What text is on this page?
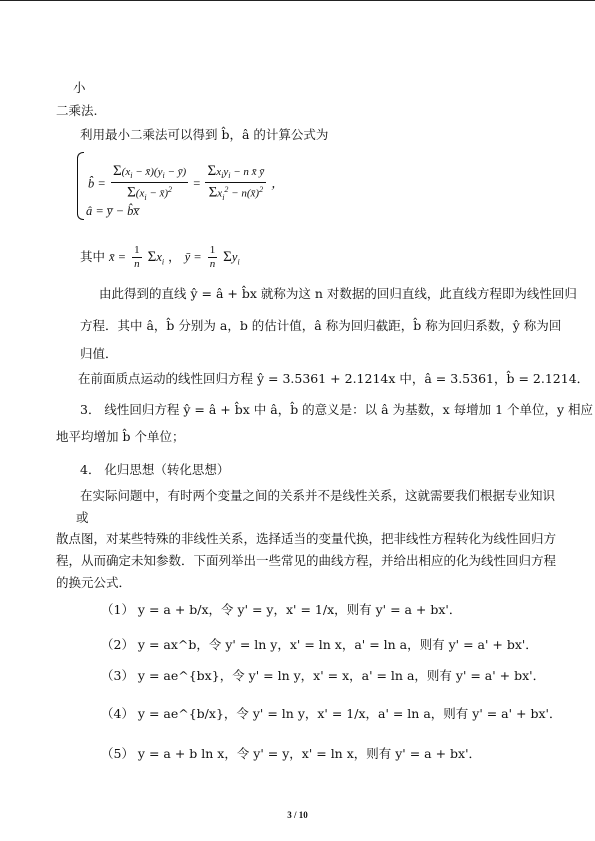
小
二乘法.
利用最小二乘法可以得到 b̂，â 的计算公式为
b̂ = $\frac{\Sigma(x_i - x̄)(y_i - ȳ)}{\Sigma(x_i - x̄)^2} = \frac{\Sigma x_iy_i - n x̄ ȳ}{\Sigma x_i^2 - n(x̄)^2}$ ，
â = y̅ − b̂x̅
其中 x̄ = $\frac{1}{n} \Sigma x_i$ ， ȳ = $\frac{1}{n} \Sigma y_i$
由此得到的直线 ŷ = â + b̂x 就称为这 n 对数据的回归直线，此直线方程即为线性回归
方程．其中 â，b̂ 分别为 a，b 的估计值，â 称为回归截距，b̂ 称为回归系数，ŷ 称为回
归值．
在前面质点运动的线性回归方程 ŷ = 3.5361 + 2.1214x 中，â = 3.5361，b̂ = 2.1214．
3． 线性回归方程 ŷ = â + b̂x 中 â，b̂ 的意义是：以 â 为基数，x 每增加 1 个单位，y 相应
地平均增加 b̂ 个单位；
4． 化归思想（转化思想）
在实际问题中，有时两个变量之间的关系并不是线性关系，这就需要我们根据专业知识
或
散点图，对某些特殊的非线性关系，选择适当的变量代换，把非线性方程转化为线性回归方
程，从而确定未知参数．下面列举出一些常见的曲线方程，并给出相应的化为线性回归方程
的换元公式．
（1） y = a + b/x，令 y' = y，x' = 1/x，则有 y' = a + bx'．
（2） y = ax^b，令 y' = ln y，x' = ln x，a' = ln a，则有 y' = a' + bx'．
（3） y = ae^{bx}，令 y' = ln y，x' = x，a' = ln a，则有 y' = a' + bx'．
（4） y = ae^{b/x}，令 y' = ln y，x' = 1/x，a' = ln a，则有 y' = a' + bx'．
（5） y = a + b ln x，令 y' = y，x' = ln x，则有 y' = a + bx'．
3 / 10
